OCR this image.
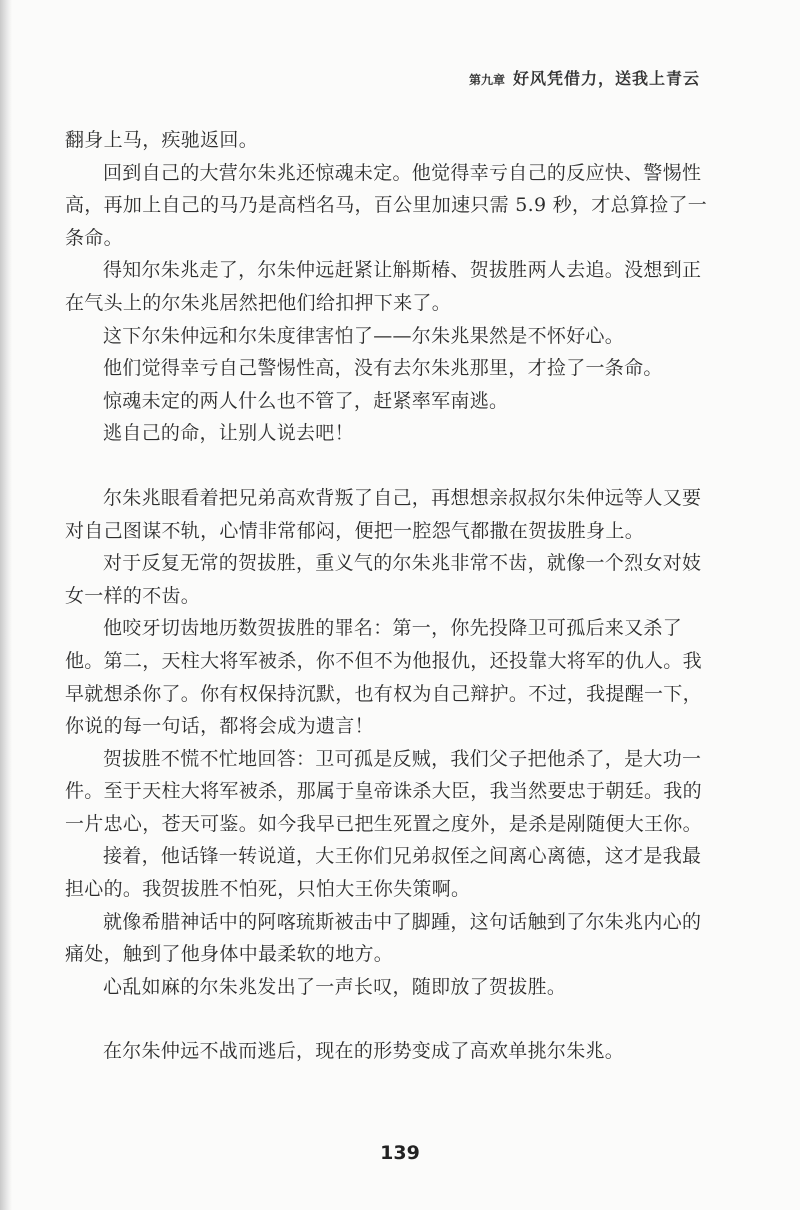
第九章 好风凭借力，送我上青云

翻身上马，疾驰返回。

回到自己的大营尔朱兆还惊魂未定。他觉得幸亏自己的反应快、警惕性高，再加上自己的马乃是高档名马，百公里加速只需 5.9 秒，才总算捡了一条命。

得知尔朱兆走了，尔朱仲远赶紧让斛斯椿、贺拔胜两人去追。没想到正在气头上的尔朱兆居然把他们给扣押下来了。

这下尔朱仲远和尔朱度律害怕了——尔朱兆果然是不怀好心。

他们觉得幸亏自己警惕性高，没有去尔朱兆那里，才捡了一条命。

惊魂未定的两人什么也不管了，赶紧率军南逃。

逃自己的命，让别人说去吧！

尔朱兆眼看着把兄弟高欢背叛了自己，再想想亲叔叔尔朱仲远等人又要对自己图谋不轨，心情非常郁闷，便把一腔怨气都撒在贺拔胜身上。

对于反复无常的贺拔胜，重义气的尔朱兆非常不齿，就像一个烈女对妓女一样的不齿。

他咬牙切齿地历数贺拔胜的罪名：第一，你先投降卫可孤后来又杀了他。第二，天柱大将军被杀，你不但不为他报仇，还投靠大将军的仇人。我早就想杀你了。你有权保持沉默，也有权为自己辩护。不过，我提醒一下，你说的每一句话，都将会成为遗言！

贺拔胜不慌不忙地回答：卫可孤是反贼，我们父子把他杀了，是大功一件。至于天柱大将军被杀，那属于皇帝诛杀大臣，我当然要忠于朝廷。我的一片忠心，苍天可鉴。如今我早已把生死置之度外，是杀是剐随便大王你。

接着，他话锋一转说道，大王你们兄弟叔侄之间离心离德，这才是我最担心的。我贺拔胜不怕死，只怕大王你失策啊。

就像希腊神话中的阿喀琉斯被击中了脚踵，这句话触到了尔朱兆内心的痛处，触到了他身体中最柔软的地方。

心乱如麻的尔朱兆发出了一声长叹，随即放了贺拔胜。

在尔朱仲远不战而逃后，现在的形势变成了高欢单挑尔朱兆。

139
